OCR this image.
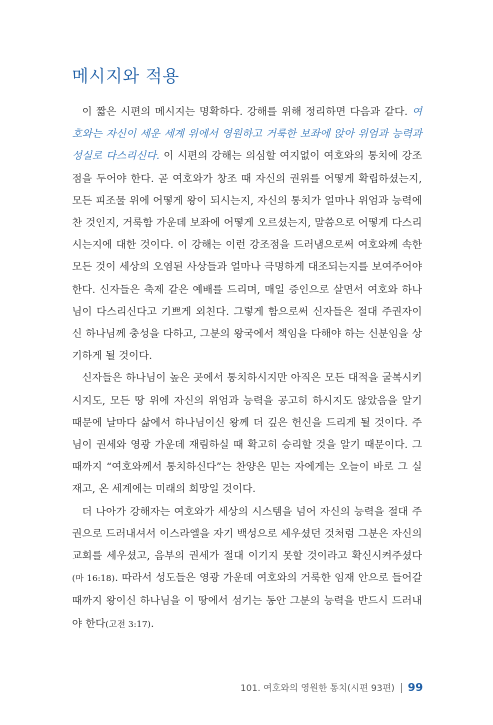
메시지와 적용

이 짧은 시편의 메시지는 명확하다. 강해를 위해 정리하면 다음과 같다. 여호와는 자신이 세운 세계 위에서 영원하고 거룩한 보좌에 앉아 위엄과 능력과 성실로 다스리신다. 이 시편의 강해는 의심할 여지없이 여호와의 통치에 강조점을 두어야 한다. 곧 여호와가 창조 때 자신의 권위를 어떻게 확립하셨는지, 모든 피조물 위에 어떻게 왕이 되시는지, 자신의 통치가 얼마나 위엄과 능력에 찬 것인지, 거룩함 가운데 보좌에 어떻게 오르셨는지, 말씀으로 어떻게 다스리시는지에 대한 것이다. 이 강해는 이런 강조점을 드러냄으로써 여호와께 속한 모든 것이 세상의 오염된 사상들과 얼마나 극명하게 대조되는지를 보여주어야 한다. 신자들은 축제 같은 예배를 드리며, 매일 증인으로 살면서 여호와 하나님이 다스리신다고 기쁘게 외친다. 그렇게 함으로써 신자들은 절대 주권자이신 하나님께 충성을 다하고, 그분의 왕국에서 책임을 다해야 하는 신분임을 상기하게 될 것이다.

신자들은 하나님이 높은 곳에서 통치하시지만 아직은 모든 대적을 굴복시키시지도, 모든 땅 위에 자신의 위엄과 능력을 공고히 하시지도 않았음을 알기 때문에 날마다 삶에서 하나님이신 왕께 더 깊은 헌신을 드리게 될 것이다. 주님이 권세와 영광 가운데 재림하실 때 확고히 승리할 것을 알기 때문이다. 그때까지 “여호와께서 통치하신다”는 찬양은 믿는 자에게는 오늘이 바로 그 실재고, 온 세계에는 미래의 희망일 것이다.

더 나아가 강해자는 여호와가 세상의 시스템을 넘어 자신의 능력을 절대 주권으로 드러내셔서 이스라엘을 자기 백성으로 세우셨던 것처럼 그분은 자신의 교회를 세우셨고, 음부의 권세가 절대 이기지 못할 것이라고 확신시켜주셨다(마 16:18). 따라서 성도들은 영광 가운데 여호와의 거룩한 임재 안으로 들어갈 때까지 왕이신 하나님을 이 땅에서 섬기는 동안 그분의 능력을 반드시 드러내야 한다(고전 3:17).

101. 여호와의 영원한 통치(시편 93편) 99
